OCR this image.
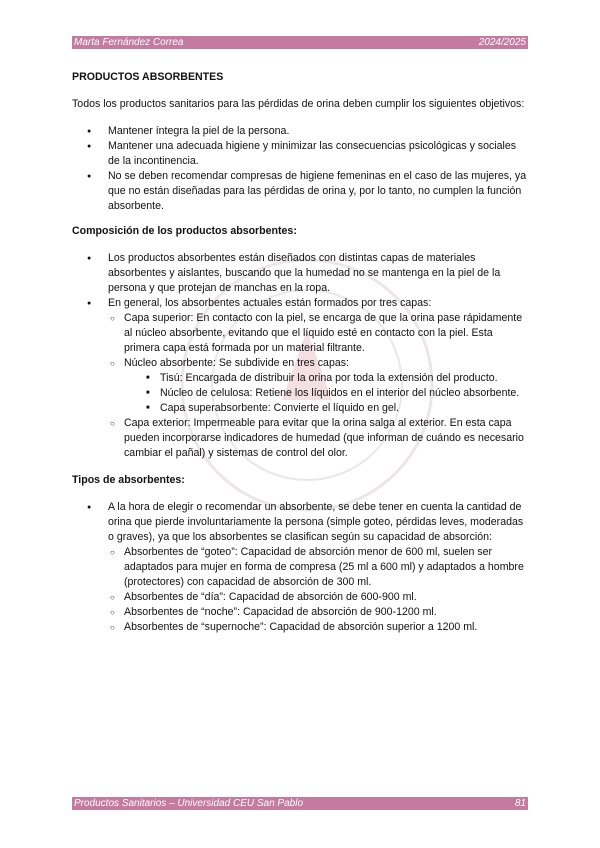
Marta Fernández Correa	2024/2025
PRODUCTOS ABSORBENTES

Todos los productos sanitarios para las pérdidas de orina deben cumplir los siguientes objetivos:

● Mantener íntegra la piel de la persona.
● Mantener una adecuada higiene y minimizar las consecuencias psicológicas y sociales de la incontinencia.
● No se deben recomendar compresas de higiene femeninas en el caso de las mujeres, ya que no están diseñadas para las pérdidas de orina y, por lo tanto, no cumplen la función absorbente.
Composición de los productos absorbentes:
● Los productos absorbentes están diseñados con distintas capas de materiales absorbentes y aislantes, buscando que la humedad no se mantenga en la piel de la persona y que protejan de manchas en la ropa.
● En general, los absorbentes actuales están formados por tres capas:
○ Capa superior: En contacto con la piel, se encarga de que la orina pase rápidamente al núcleo absorbente, evitando que el líquido esté en contacto con la piel. Esta primera capa está formada por un material filtrante.
○ Núcleo absorbente: Se subdivide en tres capas:
■ Tisú: Encargada de distribuir la orina por toda la extensión del producto.
■ Núcleo de celulosa: Retiene los líquidos en el interior del núcleo absorbente.
■ Capa superabsorbente: Convierte el líquido en gel.
○ Capa exterior: Impermeable para evitar que la orina salga al exterior. En esta capa pueden incorporarse indicadores de humedad (que informan de cuándo es necesario cambiar el pañal) y sistemas de control del olor.
Tipos de absorbentes:
● A la hora de elegir o recomendar un absorbente, se debe tener en cuenta la cantidad de orina que pierde involuntariamente la persona (simple goteo, pérdidas leves, moderadas o graves), ya que los absorbentes se clasifican según su capacidad de absorción:
○ Absorbentes de “goteo”: Capacidad de absorción menor de 600 ml, suelen ser adaptados para mujer en forma de compresa (25 ml a 600 ml) y adaptados a hombre (protectores) con capacidad de absorción de 300 ml.
○ Absorbentes de “día”: Capacidad de absorción de 600-900 ml.
○ Absorbentes de “noche”: Capacidad de absorción de 900-1200 ml.
○ Absorbentes de “supernoche”: Capacidad de absorción superior a 1200 ml.
Productos Sanitarios – Universidad CEU San Pablo	81
